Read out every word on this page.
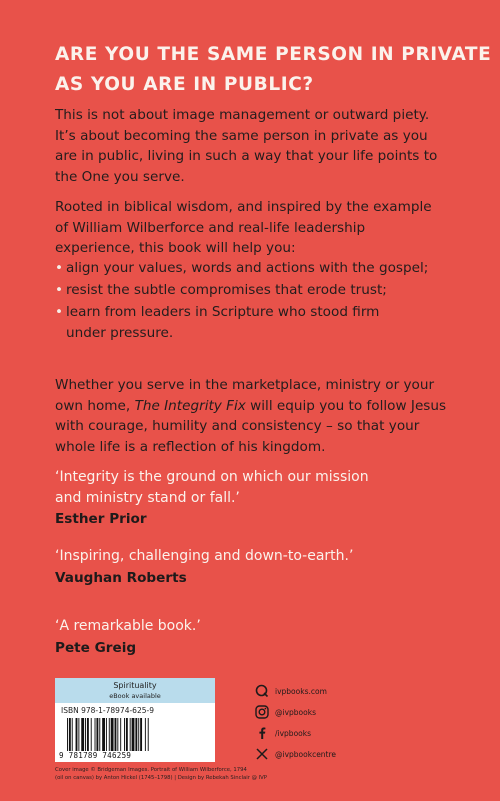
ARE YOU THE SAME PERSON IN PRIVATE
AS YOU ARE IN PUBLIC?

This is not about image management or outward piety.
It’s about becoming the same person in private as you
are in public, living in such a way that your life points to
the One you serve.

Rooted in biblical wisdom, and inspired by the example
of William Wilberforce and real-life leadership
experience, this book will help you:

• align your values, words and actions with the gospel;
• resist the subtle compromises that erode trust;
• learn from leaders in Scripture who stood firm
under pressure.

Whether you serve in the marketplace, ministry or your
own home, The Integrity Fix will equip you to follow Jesus
with courage, humility and consistency – so that your
whole life is a reflection of his kingdom.

‘Integrity is the ground on which our mission
and ministry stand or fall.’
Esther Prior
‘Inspiring, challenging and down-to-earth.’
Vaughan Roberts
‘A remarkable book.’
Pete Greig
Spirituality
eBook available
ISBN 978-1-78974-625-9
9 781789 746259
ivpbooks.com
@ivpbooks
/ivpbooks
@ivpbookcentre
Cover image © Bridgeman Images. Portrait of William Wilberforce, 1794
(oil on canvas) by Anton Hickel (1745–1798) | Design by Rebekah Sinclair @ IVP
